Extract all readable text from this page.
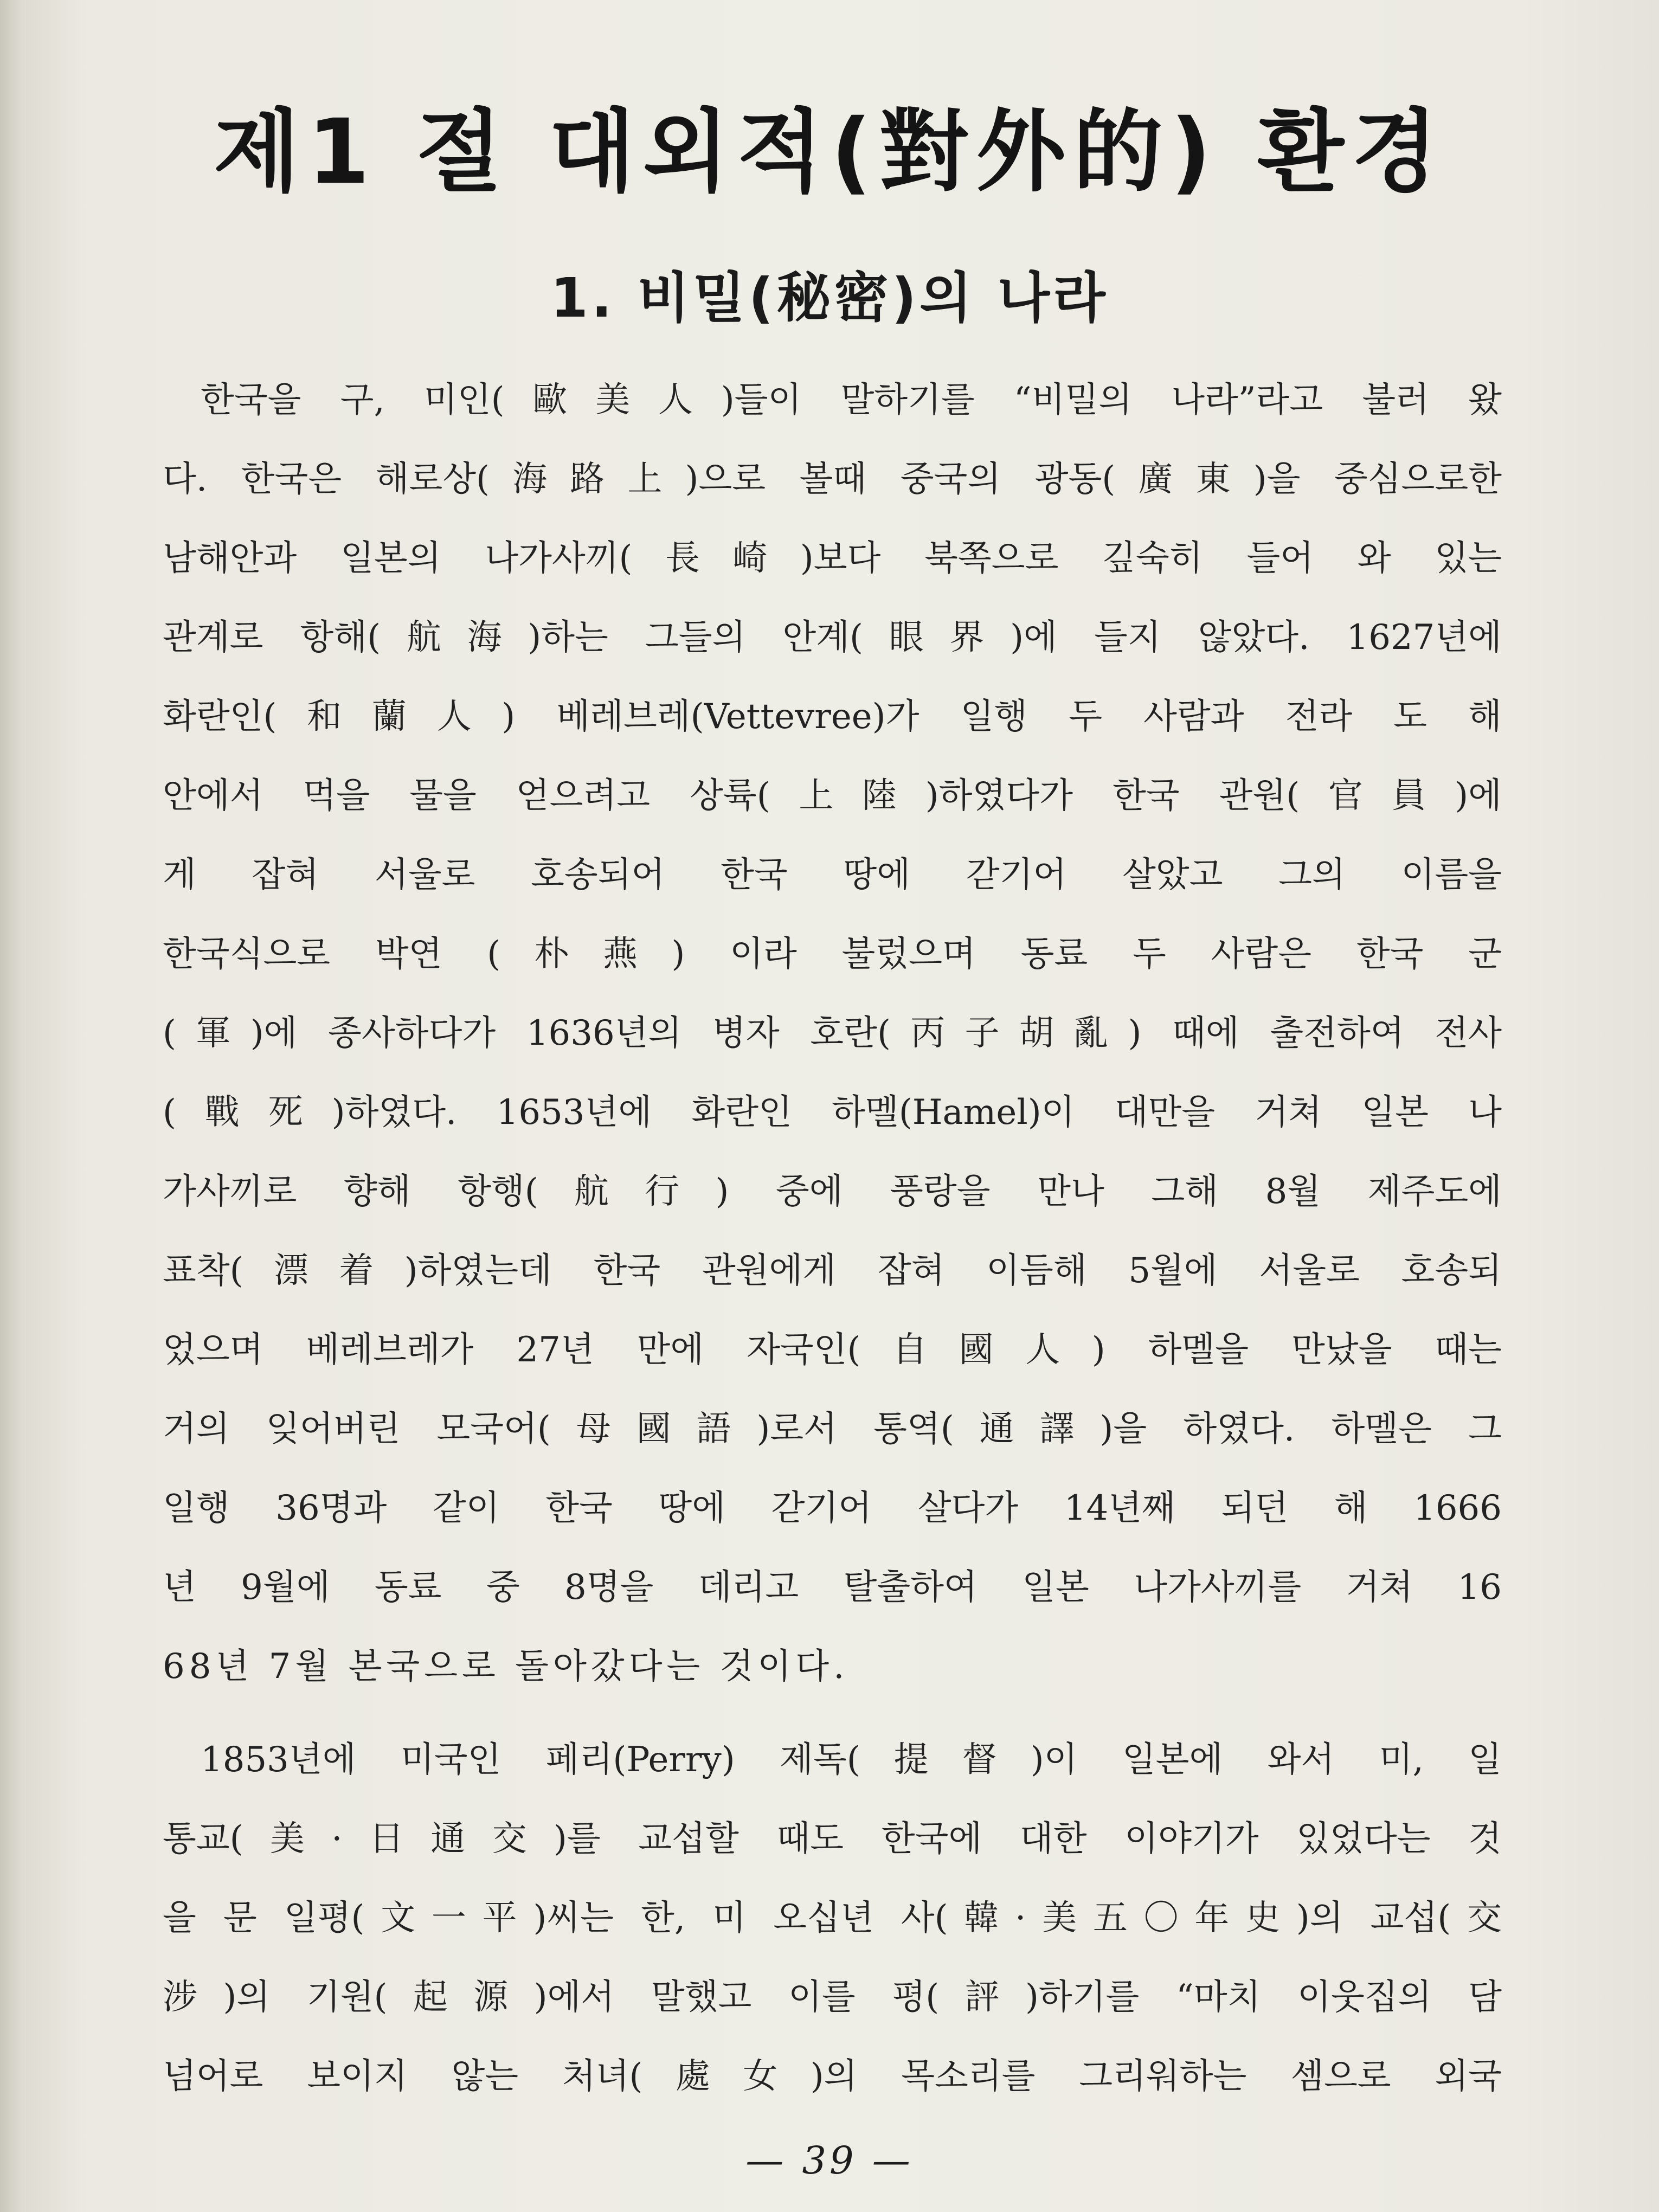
제1 절 대외적(對外的) 환경
1. 비밀(秘密)의 나라
한국을 구, 미인(歐美人)들이 말하기를 “비밀의 나라”라고 불러 왔
다. 한국은 해로상(海路上)으로 볼때 중국의 광동(廣東)을 중심으로한
남해안과 일본의 나가사끼(長崎)보다 북쪽으로 깊숙히 들어 와 있는
관계로 항해(航海)하는 그들의 안계(眼界)에 들지 않았다. 1627년에
화란인(和蘭人) 베레브레(Vettevree)가 일행 두 사람과 전라 도 해
안에서 먹을 물을 얻으려고 상륙(上陸)하였다가 한국 관원(官員)에
게 잡혀 서울로 호송되어 한국 땅에 갇기어 살았고 그의 이름을
한국식으로 박연 (朴燕) 이라 불렀으며 동료 두 사람은 한국 군
(軍)에 종사하다가 1636년의 병자 호란(丙子胡亂) 때에 출전하여 전사
(戰死)하였다. 1653년에 화란인 하멜(Hamel)이 대만을 거쳐 일본 나
가사끼로 향해 항행(航行) 중에 풍랑을 만나 그해 8월 제주도에
표착(漂着)하였는데 한국 관원에게 잡혀 이듬해 5월에 서울로 호송되
었으며 베레브레가 27년 만에 자국인(自國人) 하멜을 만났을 때는
거의 잊어버린 모국어(母國語)로서 통역(通譯)을 하였다. 하멜은 그
일행 36명과 같이 한국 땅에 갇기어 살다가 14년째 되던 해 1666
년 9월에 동료 중 8명을 데리고 탈출하여 일본 나가사끼를 거쳐 16
68년 7월 본국으로 돌아갔다는 것이다.
1853년에 미국인 페리(Perry) 제독(提督)이 일본에 와서 미, 일
통교(美·日通交)를 교섭할 때도 한국에 대한 이야기가 있었다는 것
을 문 일평(文一平)씨는 한, 미 오십년 사(韓·美五〇年史)의 교섭(交
涉)의 기원(起源)에서 말했고 이를 평(評)하기를 “마치 이웃집의 담
넘어로 보이지 않는 처녀(處女)의 목소리를 그리워하는 셈으로 외국
— 39 —
